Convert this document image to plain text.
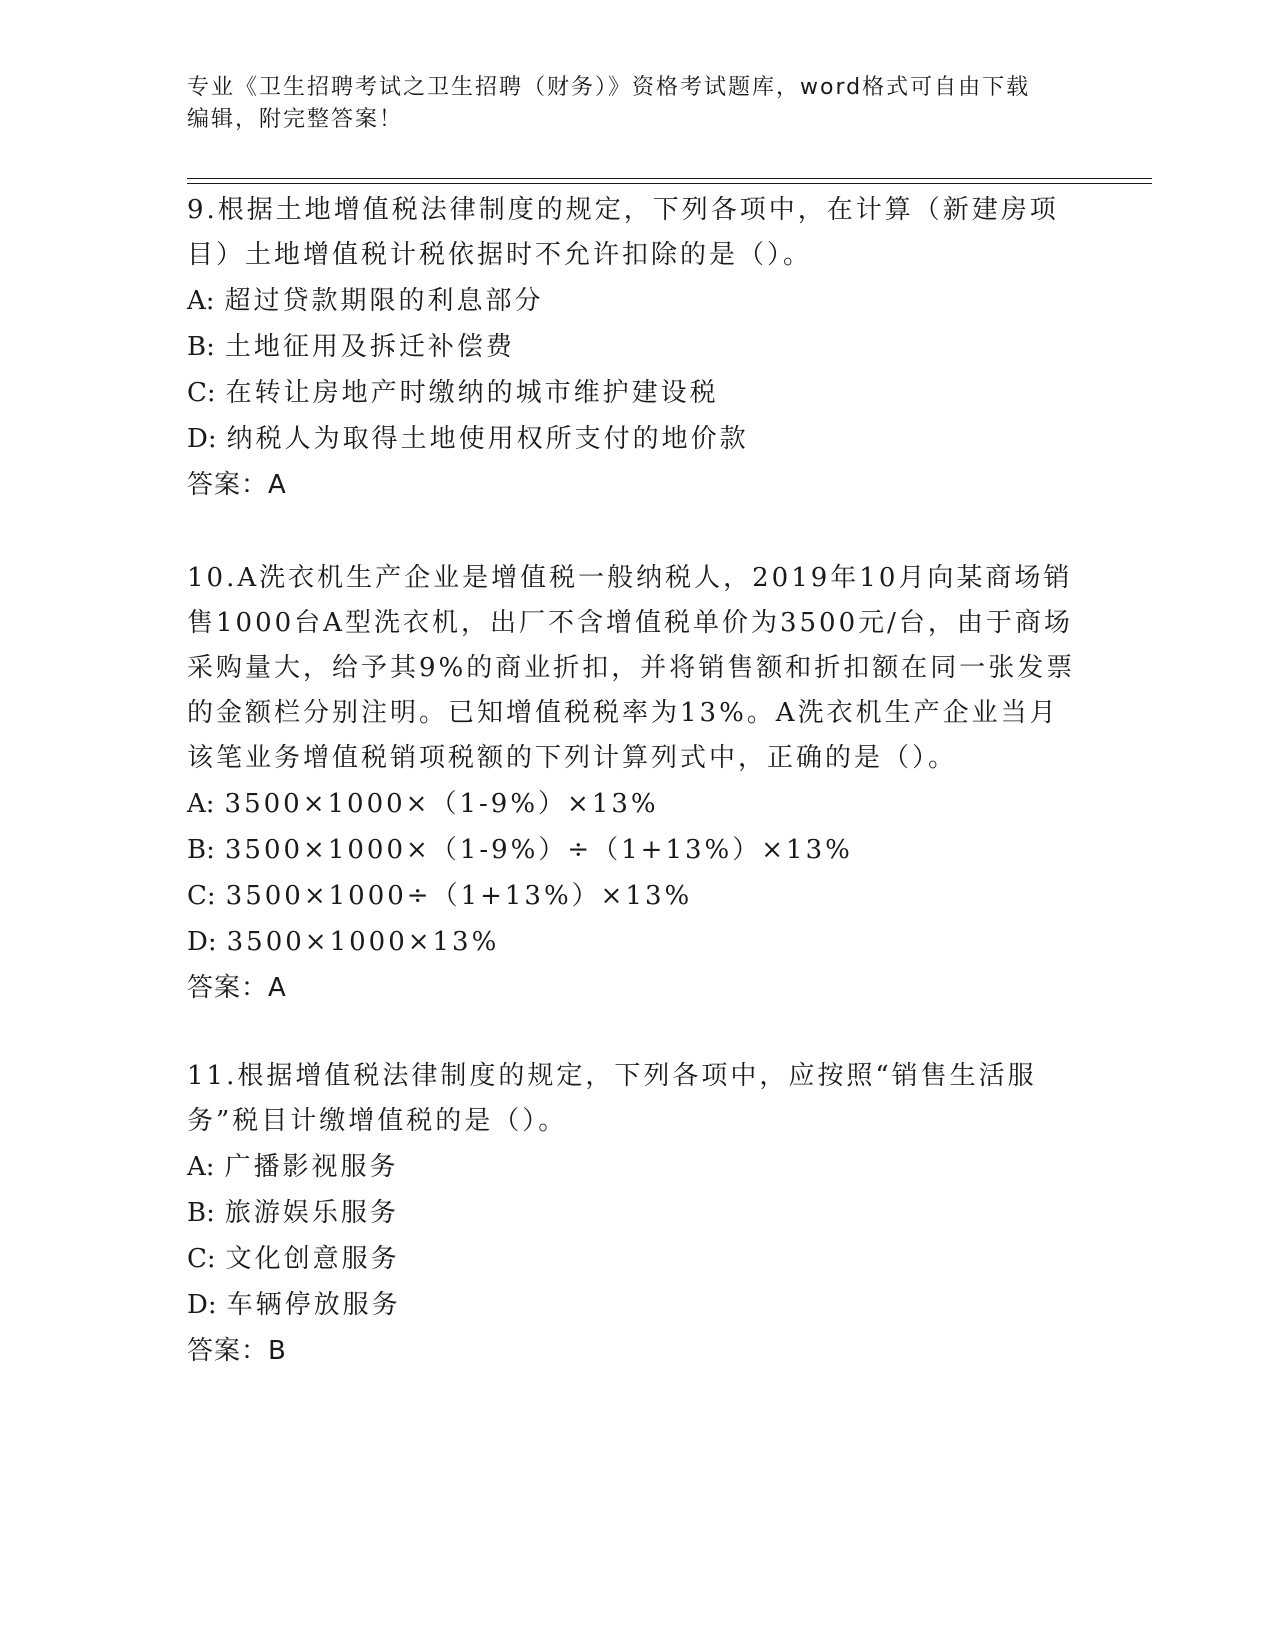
专业《卫生招聘考试之卫生招聘（财务）》资格考试题库，word格式可自由下载
编辑，附完整答案！
9.根据土地增值税法律制度的规定，下列各项中，在计算（新建房项目）土地增值税计税依据时不允许扣除的是（）。
A: 超过贷款期限的利息部分
B: 土地征用及拆迁补偿费
C: 在转让房地产时缴纳的城市维护建设税
D: 纳税人为取得土地使用权所支付的地价款
答案：A
10.A洗衣机生产企业是增值税一般纳税人，2019年10月向某商场销售1000台A型洗衣机，出厂不含增值税单价为3500元/台，由于商场采购量大，给予其9%的商业折扣，并将销售额和折扣额在同一张发票的金额栏分别注明。已知增值税税率为13%。A洗衣机生产企业当月该笔业务增值税销项税额的下列计算列式中，正确的是（）。
A: 3500×1000×（1-9%）×13%
B: 3500×1000×（1-9%）÷（1+13%）×13%
C: 3500×1000÷（1+13%）×13%
D: 3500×1000×13%
答案：A
11.根据增值税法律制度的规定，下列各项中，应按照“销售生活服务”税目计缴增值税的是（）。
A: 广播影视服务
B: 旅游娱乐服务
C: 文化创意服务
D: 车辆停放服务
答案：B
